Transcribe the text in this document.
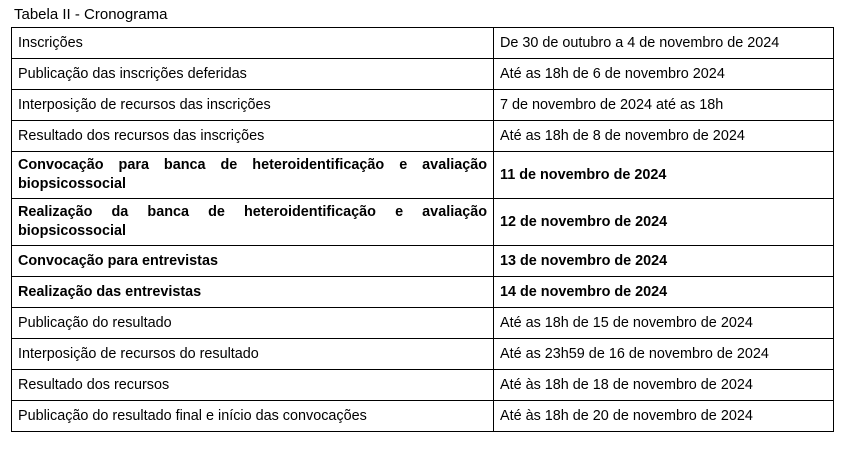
Tabela II - Cronograma
Inscrições	De 30 de outubro a 4 de novembro de 2024
Publicação das inscrições deferidas	Até as 18h de 6 de novembro 2024
Interposição de recursos das inscrições	7 de novembro de 2024 até as 18h
Resultado dos recursos das inscrições	Até as 18h de 8 de novembro de 2024
Convocação para banca de heteroidentificação e avaliação biopsicossocial	11 de novembro de 2024
Realização da banca de heteroidentificação e avaliação biopsicossocial	12 de novembro de 2024
Convocação para entrevistas	13 de novembro de 2024
Realização das entrevistas	14 de novembro de 2024
Publicação do resultado	Até as 18h de 15 de novembro de 2024
Interposição de recursos do resultado	Até as 23h59 de 16 de novembro de 2024
Resultado dos recursos	Até às 18h de 18 de novembro de 2024
Publicação do resultado final e início das convocações	Até às 18h de 20 de novembro de 2024
